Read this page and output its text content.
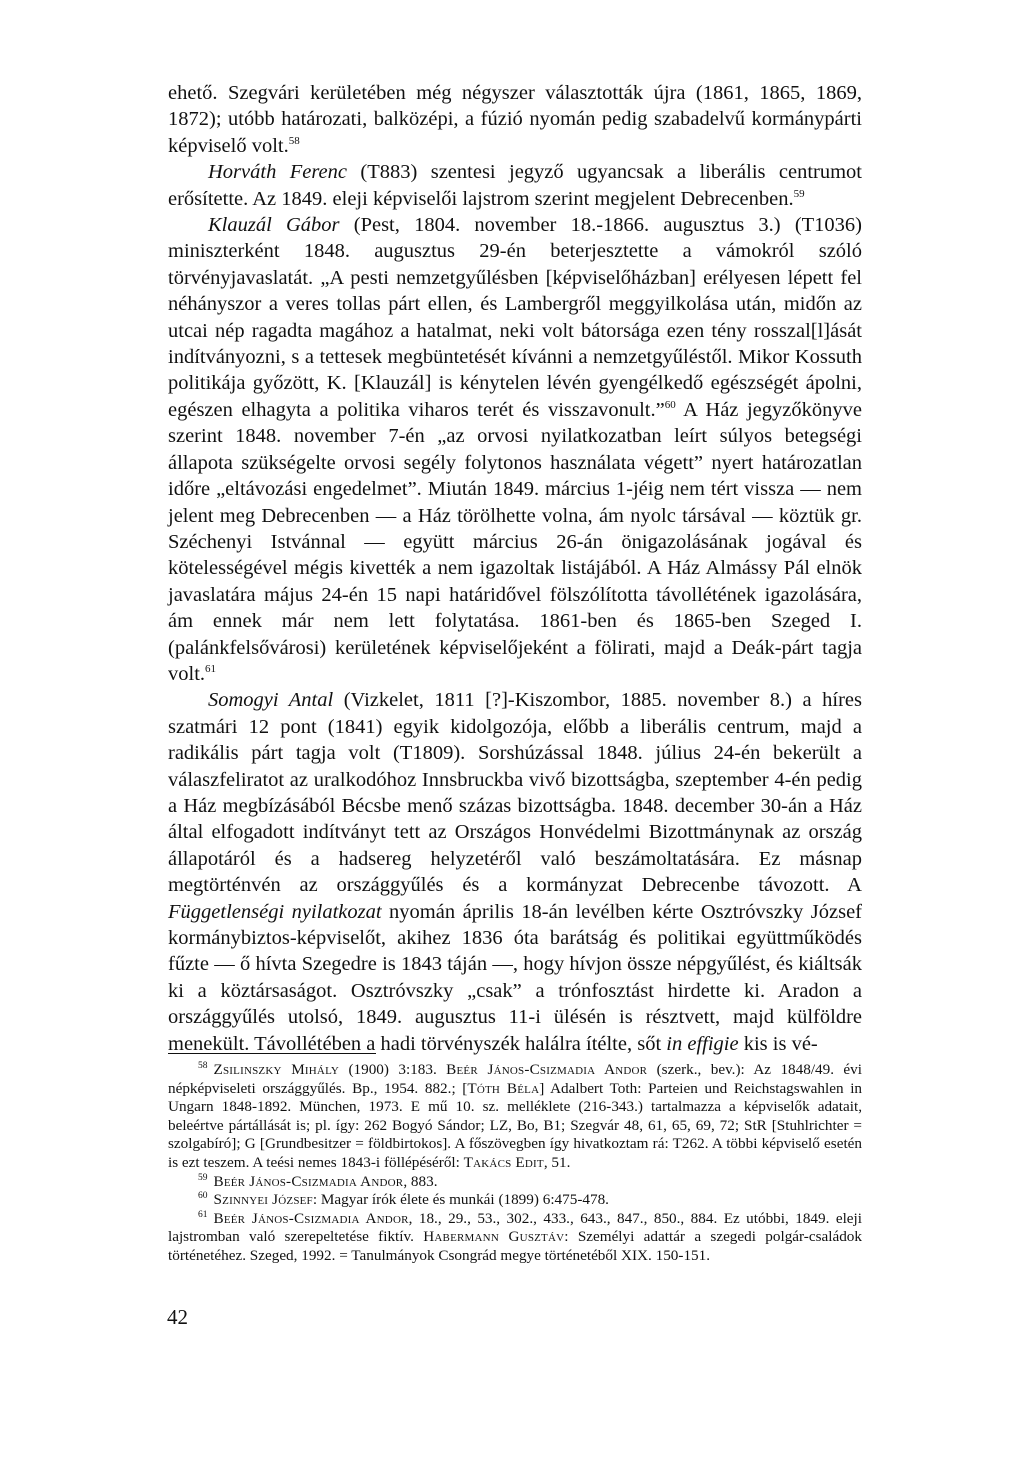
ehető. Szegvári kerületében még négyszer választották újra (1861, 1865, 1869, 1872); utóbb határozati, balközépi, a fúzió nyomán pedig szabadelvű kormánypárti képviselő volt.$^{58}$

Horváth Ferenc (T883) szentesi jegyző ugyancsak a liberális centrumot erősítette. Az 1849. eleji képviselői lajstrom szerint megjelent Debrecenben.$^{59}$

Klauzál Gábor (Pest, 1804. november 18.-1866. augusztus 3.) (T1036) miniszterként 1848. augusztus 29-én beterjesztette a vámokról szóló törvényjavaslatát. „A pesti nemzetgyűlésben [képviselőházban] erélyesen lépett fel néhányszor a veres tollas párt ellen, és Lambergről meggyilkolása után, midőn az utcai nép ragadta magához a hatalmat, neki volt bátorsága ezen tény rosszal[l]ását indítványozni, s a tettesek megbüntetését kívánni a nemzetgyűléstől. Mikor Kossuth politikája győzött, K. [Klauzál] is kénytelen lévén gyengélkedő egészségét ápolni, egészen elhagyta a politika viharos terét és visszavonult.”$^{60}$ A Ház jegyzőkönyve szerint 1848. november 7-én „az orvosi nyilatkozatban leírt súlyos betegségi állapota szükségelte orvosi segély folytonos használata végett” nyert határozatlan időre „eltávozási engedelmet”. Miután 1849. március 1-jéig nem tért vissza — nem jelent meg Debrecenben — a Ház törölhette volna, ám nyolc társával — köztük gr. Széchenyi Istvánnal — együtt március 26-án önigazolásának jogával és kötelességével mégis kivették a nem igazoltak listájából. A Ház Almássy Pál elnök javaslatára május 24-én 15 napi határidővel fölszólította távollétének igazolására, ám ennek már nem lett folytatása. 1861-ben és 1865-ben Szeged I. (palánkfelsővárosi) kerületének képviselőjeként a fölirati, majd a Deák-párt tagja volt.$^{61}$

Somogyi Antal (Vizkelet, 1811 [?]-Kiszombor, 1885. november 8.) a híres szatmári 12 pont (1841) egyik kidolgozója, előbb a liberális centrum, majd a radikális párt tagja volt (T1809). Sorshúzással 1848. július 24-én bekerült a válaszfeliratot az uralkodóhoz Innsbruckba vivő bizottságba, szeptember 4-én pedig a Ház megbízásából Bécsbe menő százas bizottságba. 1848. december 30-án a Ház által elfogadott indítványt tett az Országos Honvédelmi Bizottmánynak az ország állapotáról és a hadsereg helyzetéről való beszámoltatására. Ez másnap megtörténvén az országgyűlés és a kormányzat Debrecenbe távozott. A Függetlenségi nyilatkozat nyomán április 18-án levélben kérte Osztróvszky József kormánybiztos-képviselőt, akihez 1836 óta barátság és politikai együttműködés fűzte — ő hívta Szegedre is 1843 táján —, hogy hívjon össze népgyűlést, és kiáltsák ki a köztársaságot. Osztróvszky „csak” a trónfosztást hirdette ki. Aradon a országgyűlés utolsó, 1849. augusztus 11-i ülésén is résztvett, majd külföldre menekült. Távollétében a hadi törvényszék halálra ítélte, sőt in effigie kis is vé-

$^{58}$ Zsilinszky Mihály (1900) 3:183. Beér János-Csizmadia Andor (szerk., bev.): Az 1848/49. évi népképviseleti országgyűlés. Bp., 1954. 882.; [Tóth Béla] Adalbert Toth: Parteien und Reichstagswahlen in Ungarn 1848-1892. München, 1973. E mű 10. sz. melléklete (216-343.) tartalmazza a képviselők adatait, beleértve pártállását is; pl. így: 262 Bogyó Sándor; LZ, Bo, B1; Szegvár 48, 61, 65, 69, 72; StR [Stuhlrichter = szolgabíró]; G [Grundbesitzer = földbirtokos]. A főszövegben így hivatkoztam rá: T262. A többi képviselő esetén is ezt teszem. A teési nemes 1843-i föllépéséről: Takács Edit, 51.

$^{59}$ Beér János-Csizmadia Andor, 883.

$^{60}$ Szinnyei József: Magyar írók élete és munkái (1899) 6:475-478.

$^{61}$ Beér János-Csizmadia Andor, 18., 29., 53., 302., 433., 643., 847., 850., 884. Ez utóbbi, 1849. eleji lajstromban való szerepeltetése fiktív. Habermann Gusztáv: Személyi adattár a szegedi polgár-családok történetéhez. Szeged, 1992. = Tanulmányok Csongrád megye történetéből XIX. 150-151.

42
